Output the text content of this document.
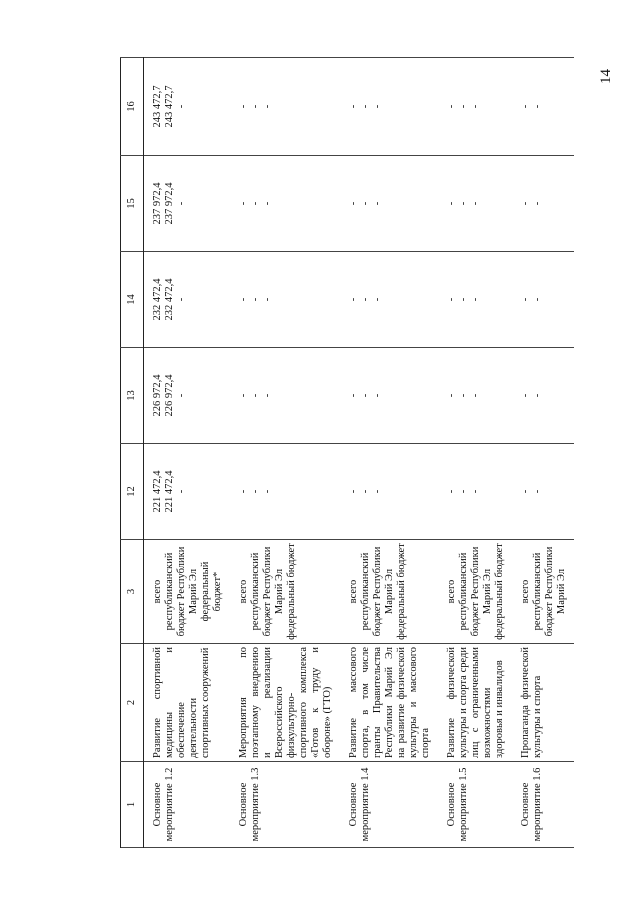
14
1	2	3	12	13	14	15	16
Основное мероприятие 1.2	Развитие спортивной медицины и обеспечение деятельности спортивных сооружений	всего республиканский бюджет Республики Марий Эл федеральный бюджет*	221 472,4 221 472,4 -	226 972,4 226 972,4 -	232 472,4 232 472,4 -	237 972,4 237 972,4 -	243 472,7 243 472,7 -

Основное мероприятие 1.3	Мероприятия по поэтапному внедрению и реализации Всероссийского физкультурно-спортивного комплекса «Готов к труду и обороне» (ГТО)	всего республиканский бюджет Республики Марий Эл федеральный бюджет	- - -	- - -	- - -	- - -	- - -

Основное мероприятие 1.4	Развитие массового спорта, в том числе гранты Правительства Республики Марий Эл на развитие физической культуры и массового спорта	всего республиканский бюджет Республики Марий Эл федеральный бюджет	- - -	- - -	- - -	- - -	- - -

Основное мероприятие 1.5	Развитие физической культуры и спорта среди лиц с ограниченными возможностями здоровья и инвалидов	всего республиканский бюджет Республики Марий Эл федеральный бюджет	- - -	- - -	- - -	- - -	- - -

Основное мероприятие 1.6	Пропаганда физической культуры и спорта	всего республиканский бюджет Республики Марий Эл	- -	- -	- -	- -	- -
